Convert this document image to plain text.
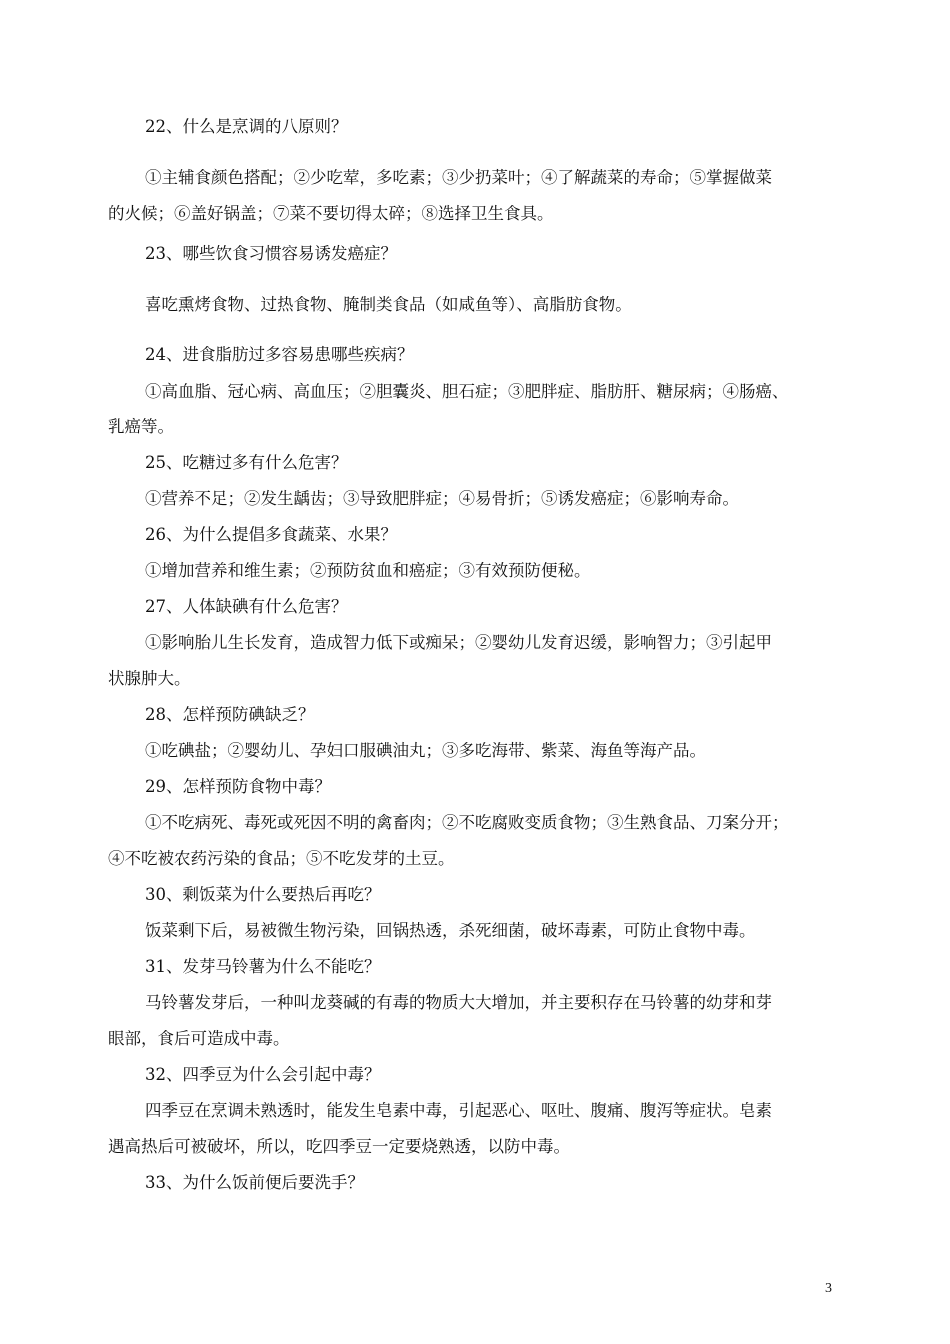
22、什么是烹调的八原则？
①主辅食颜色搭配；②少吃荤，多吃素；③少扔菜叶；④了解蔬菜的寿命；⑤掌握做菜
的火候；⑥盖好锅盖；⑦菜不要切得太碎；⑧选择卫生食具。
23、哪些饮食习惯容易诱发癌症？
喜吃熏烤食物、过热食物、腌制类食品（如咸鱼等）、高脂肪食物。
24、进食脂肪过多容易患哪些疾病？
①高血脂、冠心病、高血压；②胆囊炎、胆石症；③肥胖症、脂肪肝、糖尿病；④肠癌、
乳癌等。
25、吃糖过多有什么危害？
①营养不足；②发生龋齿；③导致肥胖症；④易骨折；⑤诱发癌症；⑥影响寿命。
26、为什么提倡多食蔬菜、水果？
①增加营养和维生素；②预防贫血和癌症；③有效预防便秘。
27、人体缺碘有什么危害？
①影响胎儿生长发育，造成智力低下或痴呆；②婴幼儿发育迟缓，影响智力；③引起甲
状腺肿大。
28、怎样预防碘缺乏？
①吃碘盐；②婴幼儿、孕妇口服碘油丸；③多吃海带、紫菜、海鱼等海产品。
29、怎样预防食物中毒？
①不吃病死、毒死或死因不明的禽畜肉；②不吃腐败变质食物；③生熟食品、刀案分开；
④不吃被农药污染的食品；⑤不吃发芽的土豆。
30、剩饭菜为什么要热后再吃？
饭菜剩下后，易被微生物污染，回锅热透，杀死细菌，破坏毒素，可防止食物中毒。
31、发芽马铃薯为什么不能吃？
马铃薯发芽后，一种叫龙葵碱的有毒的物质大大增加，并主要积存在马铃薯的幼芽和芽
眼部，食后可造成中毒。
32、四季豆为什么会引起中毒？
四季豆在烹调未熟透时，能发生皂素中毒，引起恶心、呕吐、腹痛、腹泻等症状。皂素
遇高热后可被破坏，所以，吃四季豆一定要烧熟透，以防中毒。
33、为什么饭前便后要洗手？
3
